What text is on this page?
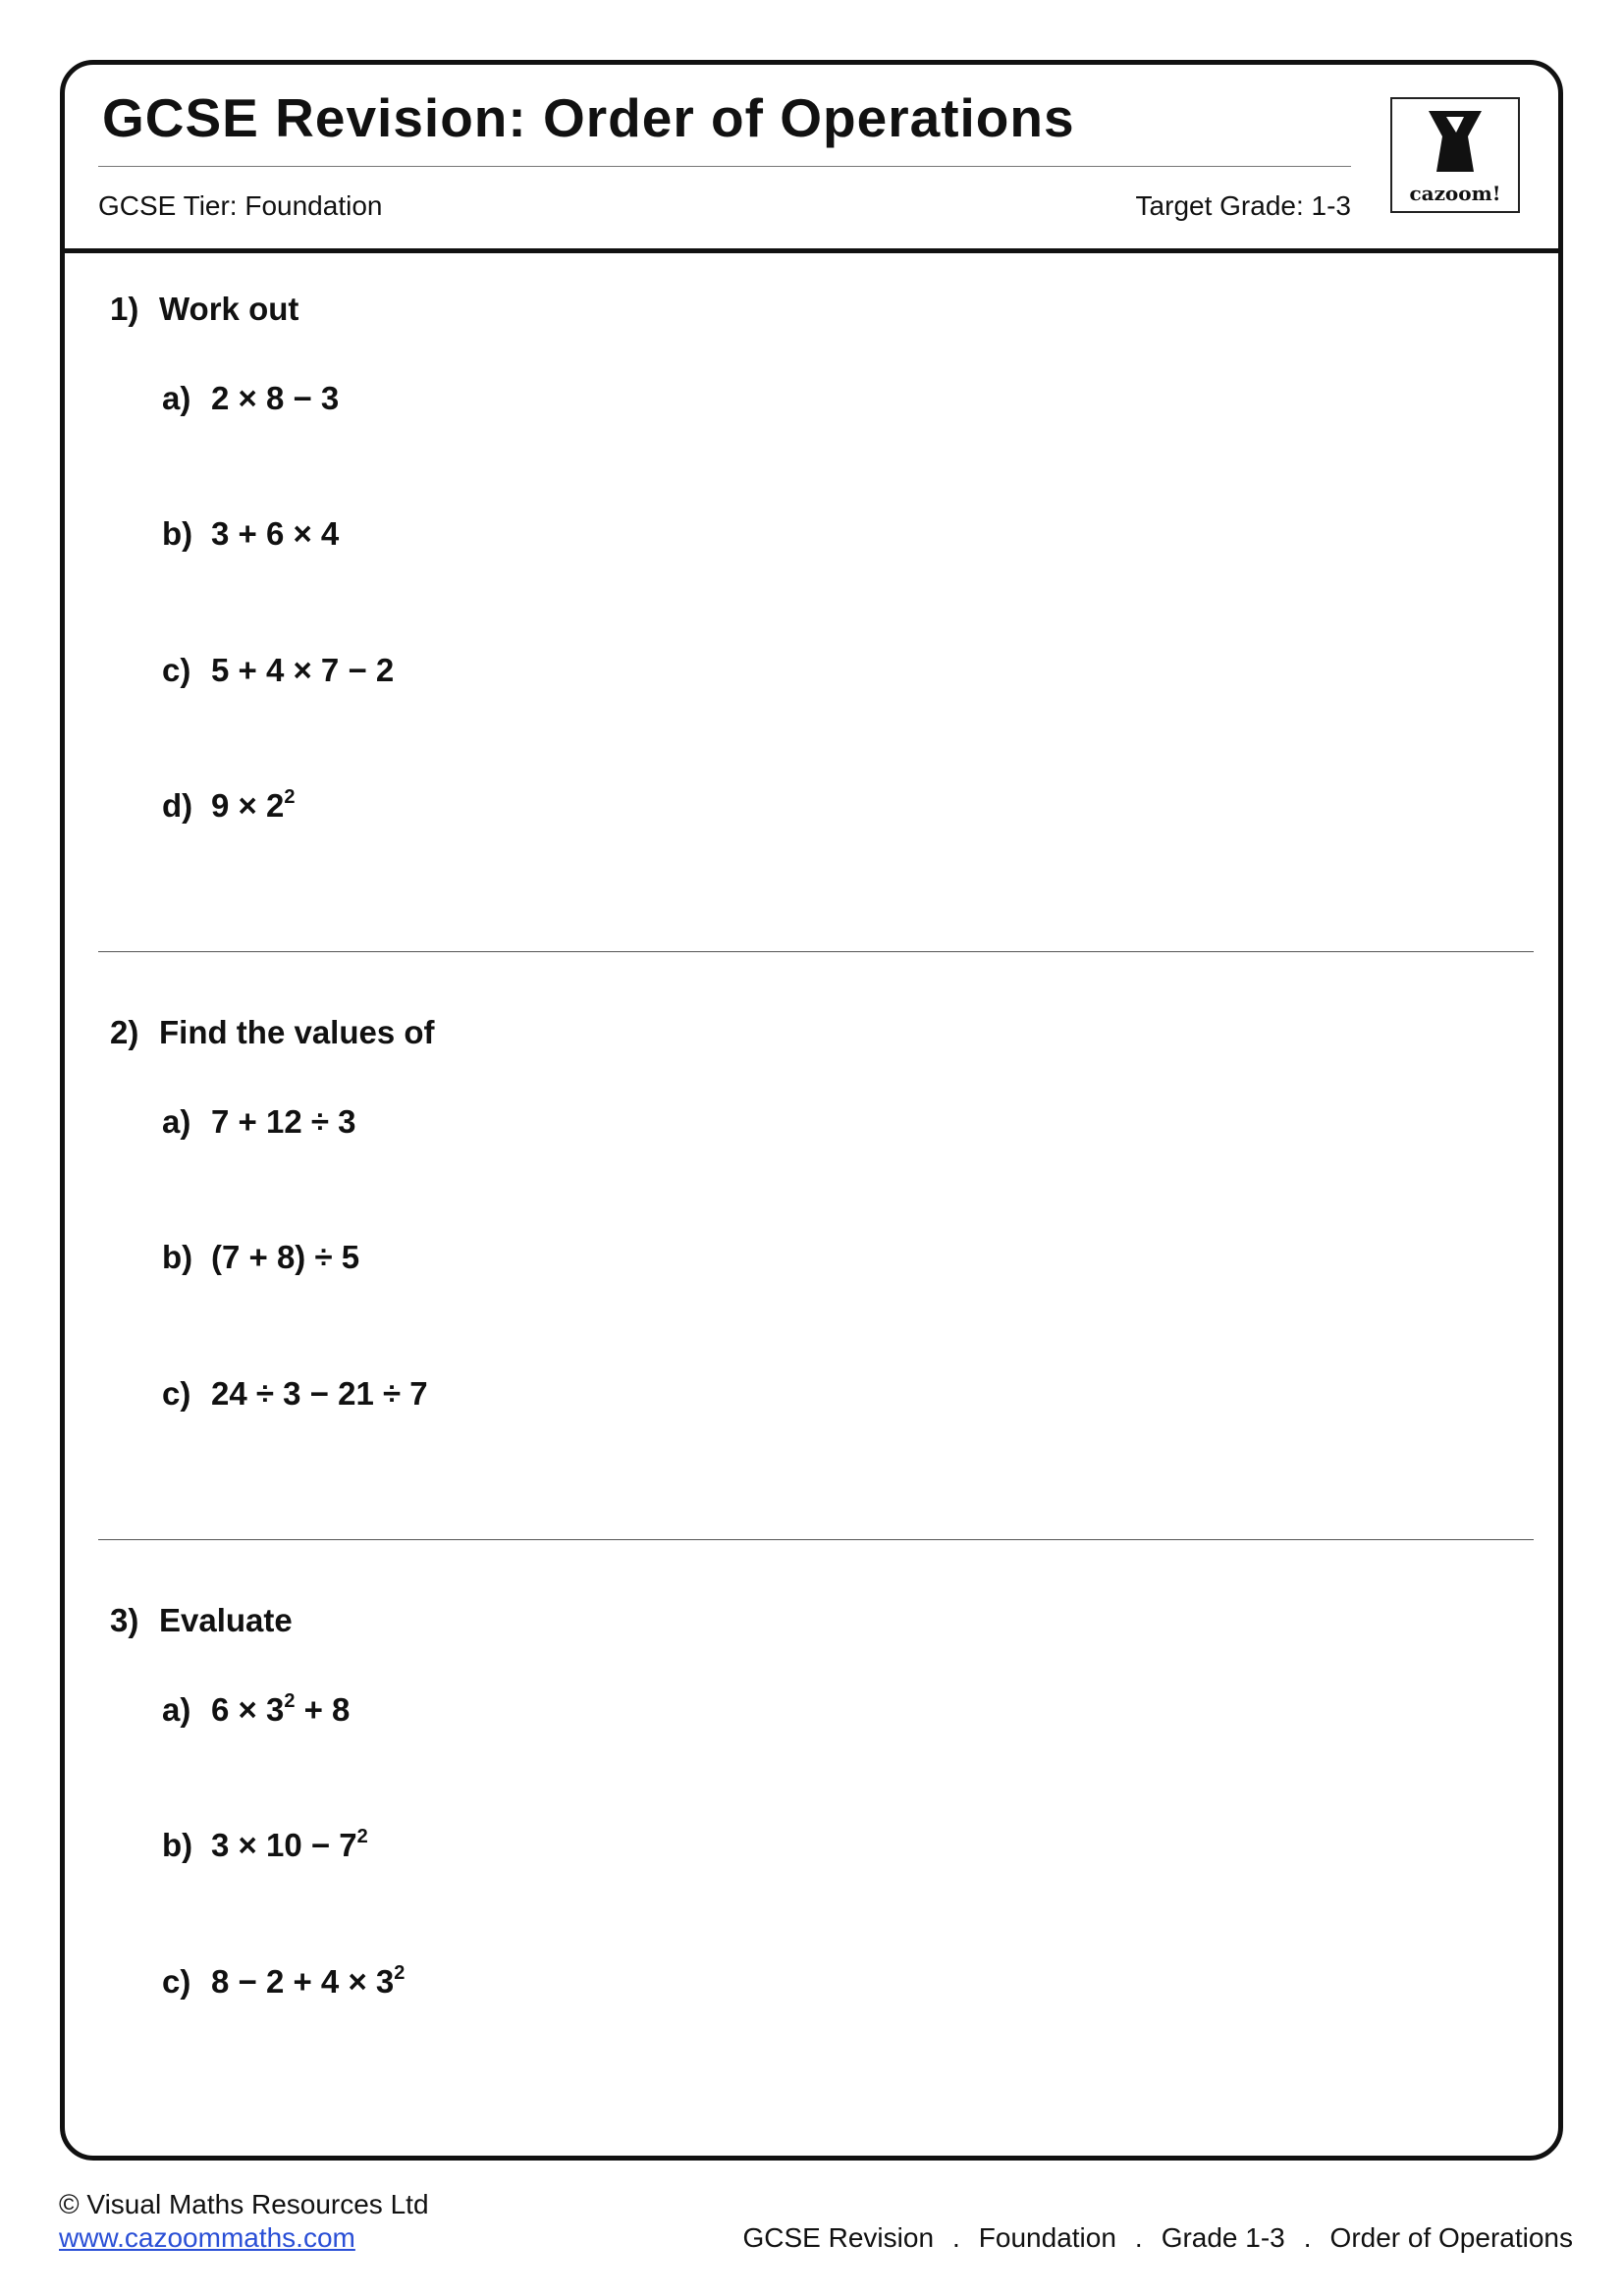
GCSE Revision: Order of Operations
GCSE Tier: Foundation	Target Grade: 1-3	cazoom!
1) Work out
a) 2 × 8 − 3
b) 3 + 6 × 4
c) 5 + 4 × 7 − 2
d) $9 \times 2^2$
2) Find the values of
a) 7 + 12 ÷ 3
b) (7 + 8) ÷ 5
c) 24 ÷ 3 − 21 ÷ 7
3) Evaluate
a) $6 \times 3^2 + 8$
b) $3 \times 10 - 7^2$
c) $8 - 2 + 4 \times 3^2$
© Visual Maths Resources Ltd
www.cazoommaths.com	GCSE Revision . Foundation . Grade 1-3 . Order of Operations
